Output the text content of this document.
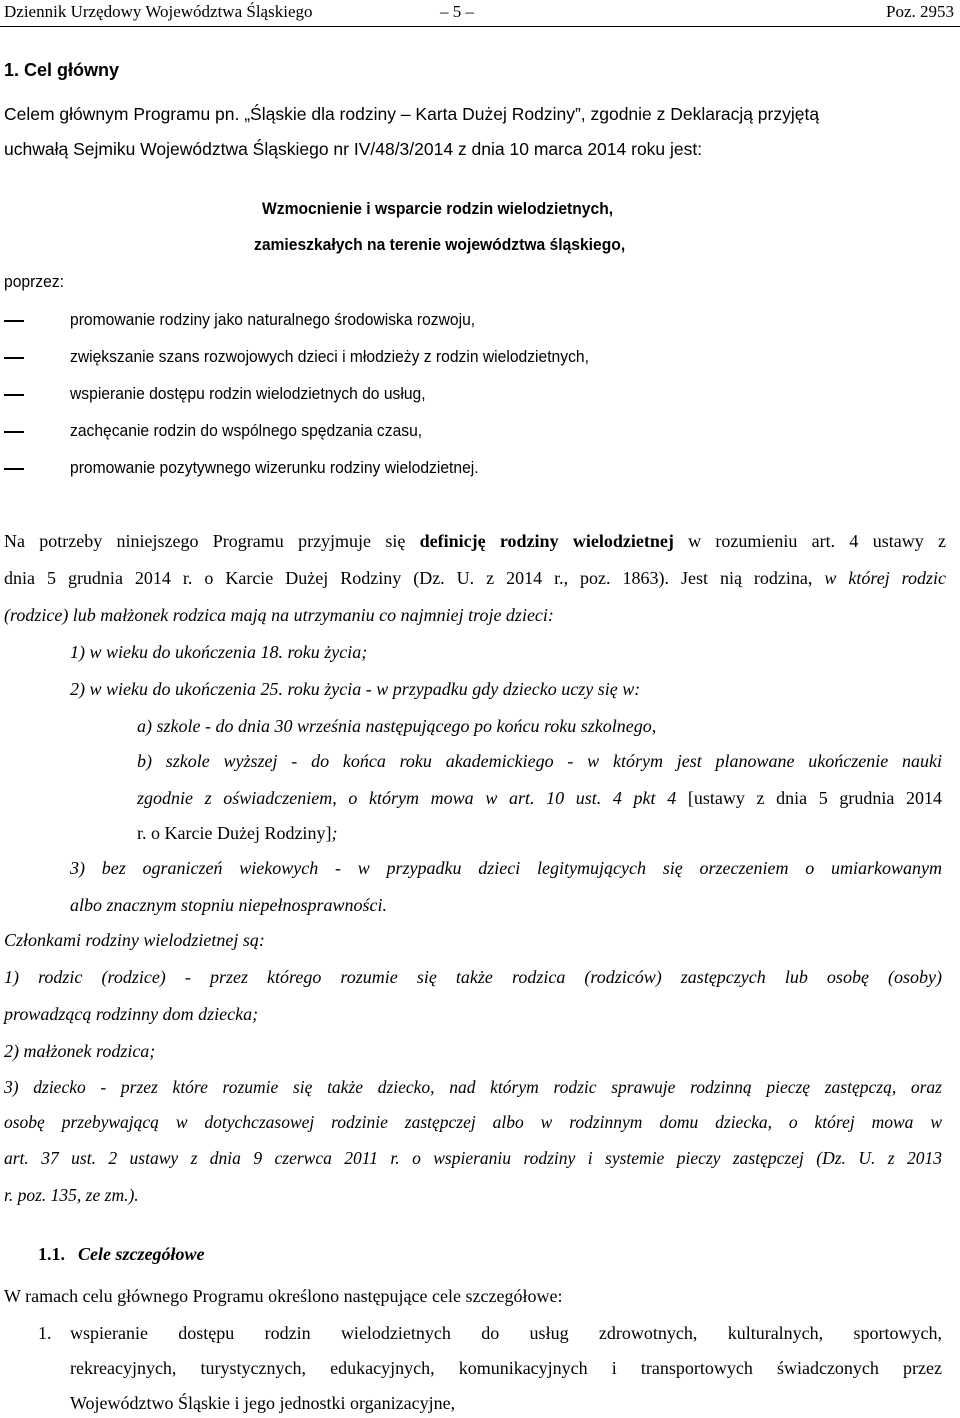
Dziennik Urzędowy Województwa Śląskiego	– 5 –	Poz. 2953
1. Cel główny
Celem głównym Programu pn. „Śląskie dla rodziny – Karta Dużej Rodziny”, zgodnie z Deklaracją przyjętą
uchwałą Sejmiku Województwa Śląskiego nr IV/48/3/2014 z dnia 10 marca 2014 roku jest:
Wzmocnienie i wsparcie rodzin wielodzietnych,
zamieszkałych na terenie województwa śląskiego,
poprzez:
promowanie rodziny jako naturalnego środowiska rozwoju,
zwiększanie szans rozwojowych dzieci i młodzieży z rodzin wielodzietnych,
wspieranie dostępu rodzin wielodzietnych do usług,
zachęcanie rodzin do wspólnego spędzania czasu,
promowanie pozytywnego wizerunku rodziny wielodzietnej.
Na potrzeby niniejszego Programu przyjmuje się definicję rodziny wielodzietnej w rozumieniu art. 4 ustawy z
dnia 5 grudnia 2014 r. o Karcie Dużej Rodziny (Dz. U. z 2014 r., poz. 1863). Jest nią rodzina, w której rodzic
(rodzice) lub małżonek rodzica mają na utrzymaniu co najmniej troje dzieci:
1) w wieku do ukończenia 18. roku życia;
2) w wieku do ukończenia 25. roku życia - w przypadku gdy dziecko uczy się w:
a) szkole - do dnia 30 września następującego po końcu roku szkolnego,
b) szkole wyższej - do końca roku akademickiego - w którym jest planowane ukończenie nauki
zgodnie z oświadczeniem, o którym mowa w art. 10 ust. 4 pkt 4 [ustawy z dnia 5 grudnia 2014
r. o Karcie Dużej Rodziny];
3) bez ograniczeń wiekowych - w przypadku dzieci legitymujących się orzeczeniem o umiarkowanym
albo znacznym stopniu niepełnosprawności.
Członkami rodziny wielodzietnej są:
1) rodzic (rodzice) - przez którego rozumie się także rodzica (rodziców) zastępczych lub osobę (osoby)
prowadzącą rodzinny dom dziecka;
2) małżonek rodzica;
3) dziecko - przez które rozumie się także dziecko, nad którym rodzic sprawuje rodzinną pieczę zastępczą, oraz
osobę przebywającą w dotychczasowej rodzinie zastępczej albo w rodzinnym domu dziecka, o której mowa w
art. 37 ust. 2 ustawy z dnia 9 czerwca 2011 r. o wspieraniu rodziny i systemie pieczy zastępczej (Dz. U. z 2013
r. poz. 135, ze zm.).
1.1. Cele szczegółowe
W ramach celu głównego Programu określono następujące cele szczegółowe:
1. wspieranie dostępu rodzin wielodzietnych do usług zdrowotnych, kulturalnych, sportowych,
rekreacyjnych, turystycznych, edukacyjnych, komunikacyjnych i transportowych świadczonych przez
Województwo Śląskie i jego jednostki organizacyjne,
